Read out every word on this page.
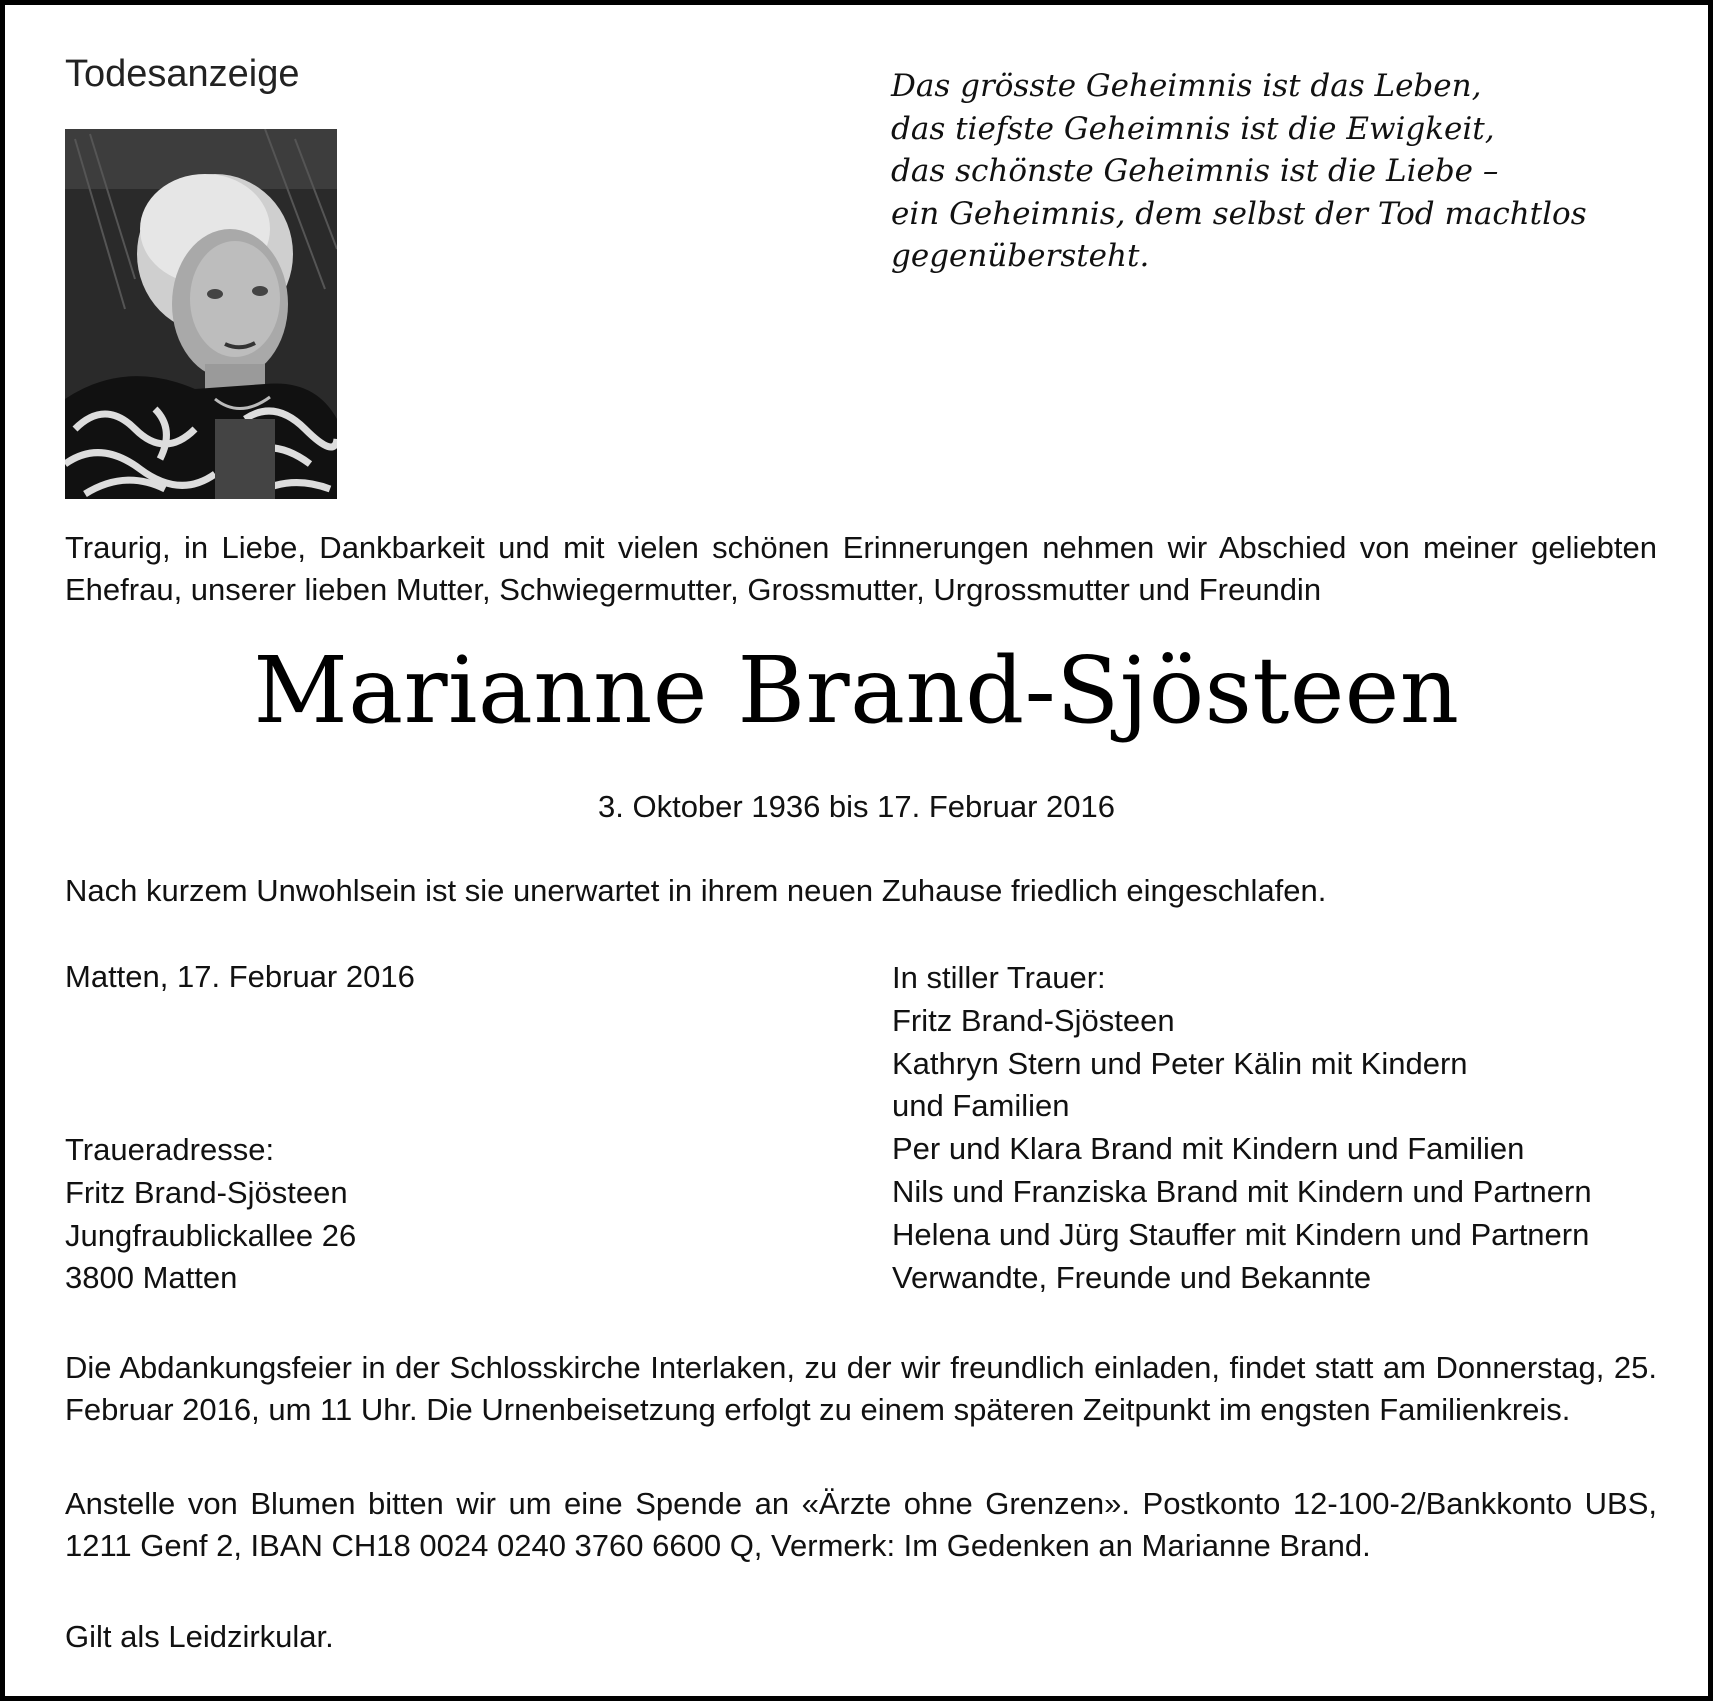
Todesanzeige	Das grösste Geheimnis ist das Leben,
das tiefste Geheimnis ist die Ewigkeit,
das schönste Geheimnis ist die Liebe –
ein Geheimnis, dem selbst der Tod machtlos
gegenübersteht.

Traurig, in Liebe, Dankbarkeit und mit vielen schönen Erinnerungen nehmen wir Abschied von meiner geliebten Ehefrau, unserer lieben Mutter, Schwiegermutter, Grossmutter, Urgrossmutter und Freundin

Marianne Brand-Sjösteen

3. Oktober 1936 bis 17. Februar 2016

Nach kurzem Unwohlsein ist sie unerwartet in ihrem neuen Zuhause friedlich eingeschlafen.

Matten, 17. Februar 2016	In stiller Trauer:
Fritz Brand-Sjösteen
Kathryn Stern und Peter Kälin mit Kindern
und Familien
Per und Klara Brand mit Kindern und Familien
Nils und Franziska Brand mit Kindern und Partnern
Helena und Jürg Stauffer mit Kindern und Partnern
Verwandte, Freunde und Bekannte
Traueradresse:
Fritz Brand-Sjösteen
Jungfraublickallee 26
3800 Matten

Die Abdankungsfeier in der Schlosskirche Interlaken, zu der wir freundlich einladen, findet statt am Donnerstag, 25. Februar 2016, um 11 Uhr. Die Urnenbeisetzung erfolgt zu einem späteren Zeitpunkt im engsten Familienkreis.

Anstelle von Blumen bitten wir um eine Spende an «Ärzte ohne Grenzen». Postkonto 12-100-2/Bankkonto UBS, 1211 Genf 2, IBAN CH18 0024 0240 3760 6600 Q, Vermerk: Im Gedenken an Marianne Brand.

Gilt als Leidzirkular.
